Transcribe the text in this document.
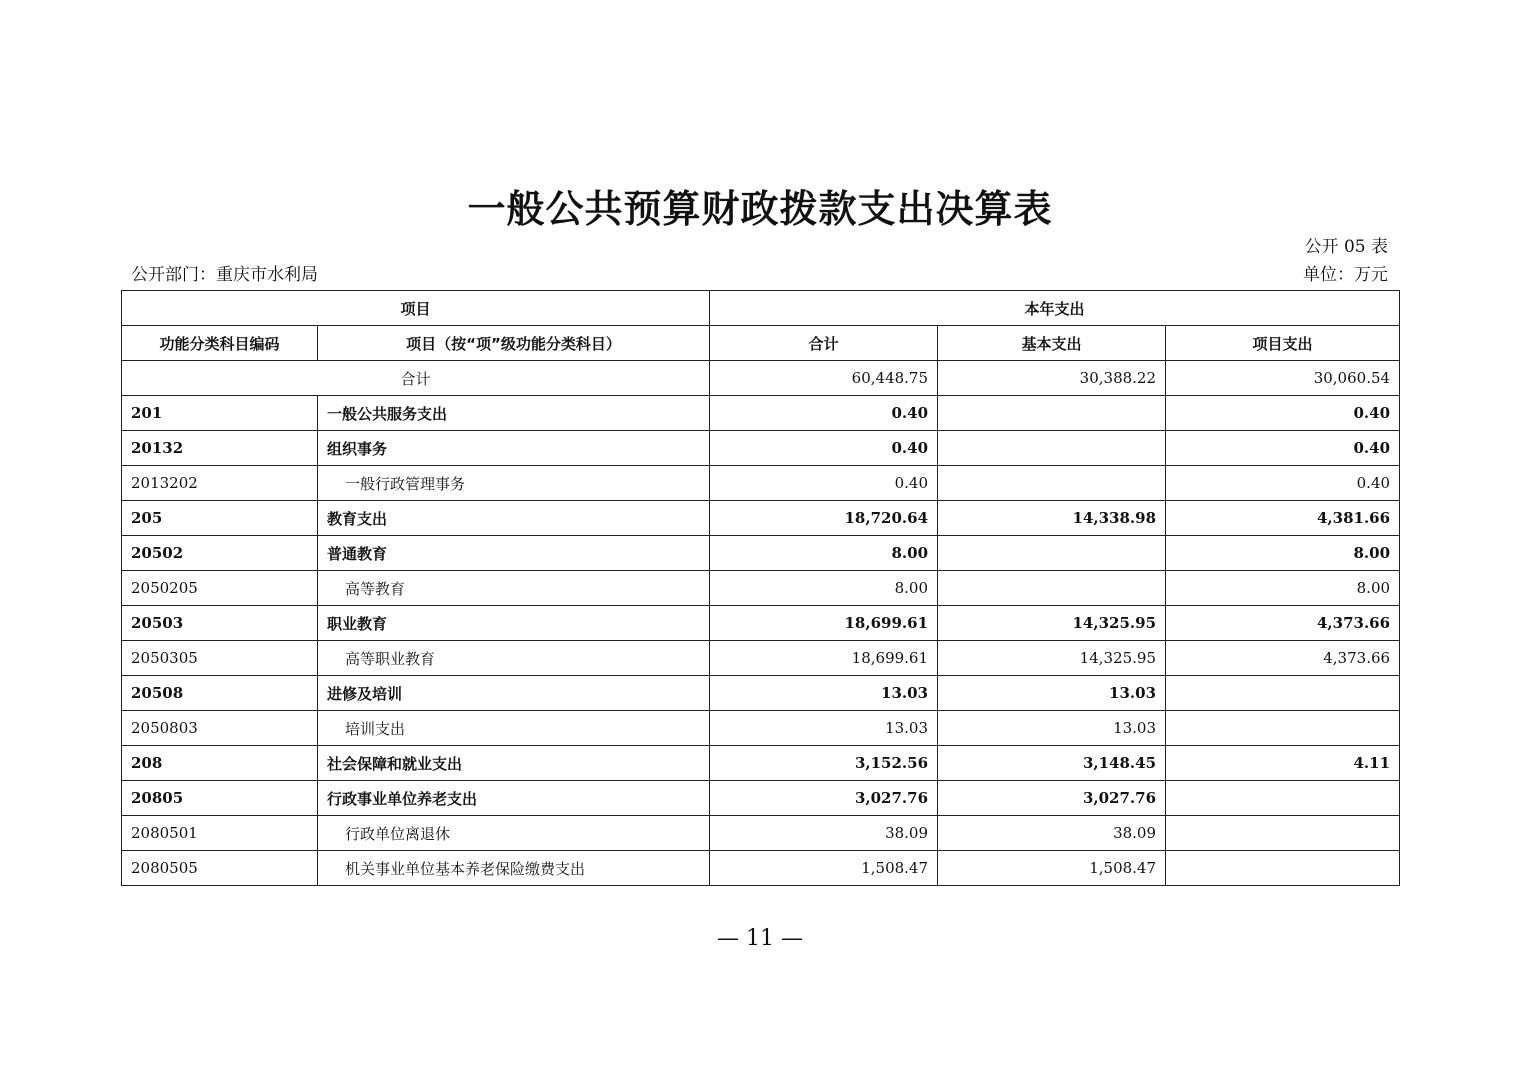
一般公共预算财政拨款支出决算表
公开 05 表
公开部门：重庆市水利局	单位：万元
项目		本年支出		
功能分类科目编码	项目（按“项”级功能分类科目）	合计	基本支出	项目支出
合计		60,448.75	30,388.22	30,060.54
201	一般公共服务支出	0.40		0.40
20132	组织事务	0.40		0.40
2013202	一般行政管理事务	0.40		0.40
205	教育支出	18,720.64	14,338.98	4,381.66
20502	普通教育	8.00		8.00
2050205	高等教育	8.00		8.00
20503	职业教育	18,699.61	14,325.95	4,373.66
2050305	高等职业教育	18,699.61	14,325.95	4,373.66
20508	进修及培训	13.03	13.03	
2050803	培训支出	13.03	13.03	
208	社会保障和就业支出	3,152.56	3,148.45	4.11
20805	行政事业单位养老支出	3,027.76	3,027.76	
2080501	行政单位离退休	38.09	38.09	
2080505	机关事业单位基本养老保险缴费支出	1,508.47	1,508.47	
— 11 —
